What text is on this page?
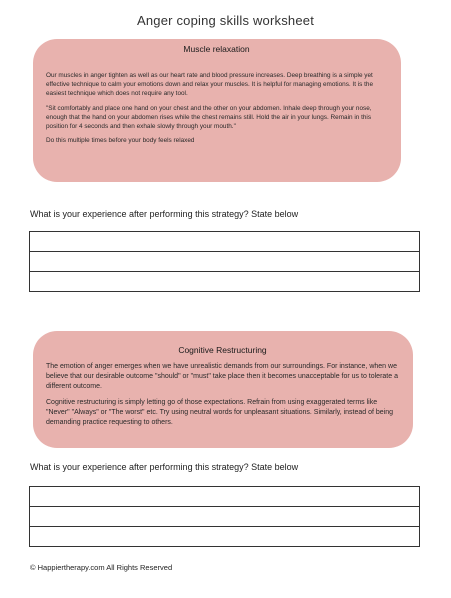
Anger coping skills worksheet

Muscle relaxation

Our muscles in anger tighten as well as our heart rate and blood pressure increases. Deep breathing is a simple yet effective technique to calm your emotions down and relax your muscles. It is helpful for managing emotions. It is the easiest technique which does not require any tool.

"Sit comfortably and place one hand on your chest and the other on your abdomen. Inhale deep through your nose, enough that the hand on your abdomen rises while the chest remains still. Hold the air in your lungs. Remain in this position for 4 seconds and then exhale slowly through your mouth."

Do this multiple times before your body feels relaxed

What is your experience after performing this strategy? State below

Cognitive Restructuring

The emotion of anger emerges when we have unrealistic demands from our surroundings. For instance, when we believe that our desirable outcome "should" or "must" take place then it becomes unacceptable for us to tolerate a different outcome.

Cognitive restructuring is simply letting go of those expectations. Refrain from using exaggerated terms like "Never" "Always" or "The worst" etc. Try using neutral words for unpleasant situations. Similarly, instead of being demanding practice requesting to others.

What is your experience after performing this strategy? State below
© Happiertherapy.com All Rights Reserved
